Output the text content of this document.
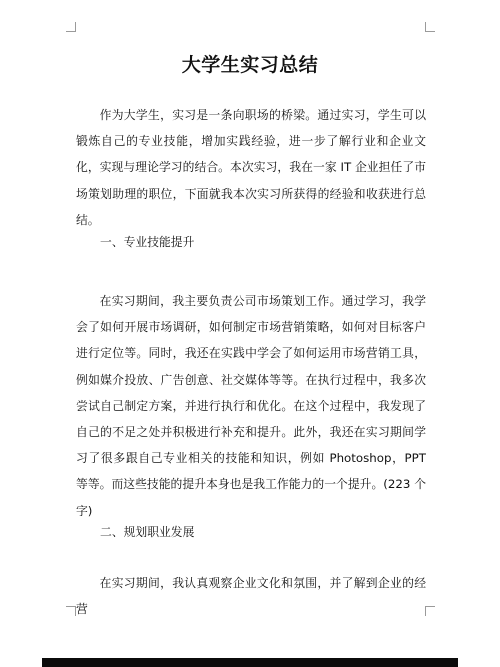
大学生实习总结

作为大学生，实习是一条向职场的桥梁。通过实习，学生可以锻炼自己的专业技能，增加实践经验，进一步了解行业和企业文化，实现与理论学习的结合。本次实习，我在一家 IT 企业担任了市场策划助理的职位，下面就我本次实习所获得的经验和收获进行总结。

一、专业技能提升

在实习期间，我主要负责公司市场策划工作。通过学习，我学会了如何开展市场调研，如何制定市场营销策略，如何对目标客户进行定位等。同时，我还在实践中学会了如何运用市场营销工具，例如媒介投放、广告创意、社交媒体等等。在执行过程中，我多次尝试自己制定方案，并进行执行和优化。在这个过程中，我发现了自己的不足之处并积极进行补充和提升。此外，我还在实习期间学习了很多跟自己专业相关的技能和知识，例如 Photoshop，PPT 等等。而这些技能的提升本身也是我工作能力的一个提升。(223 个字)

二、规划职业发展

在实习期间，我认真观察企业文化和氛围，并了解到企业的经营
